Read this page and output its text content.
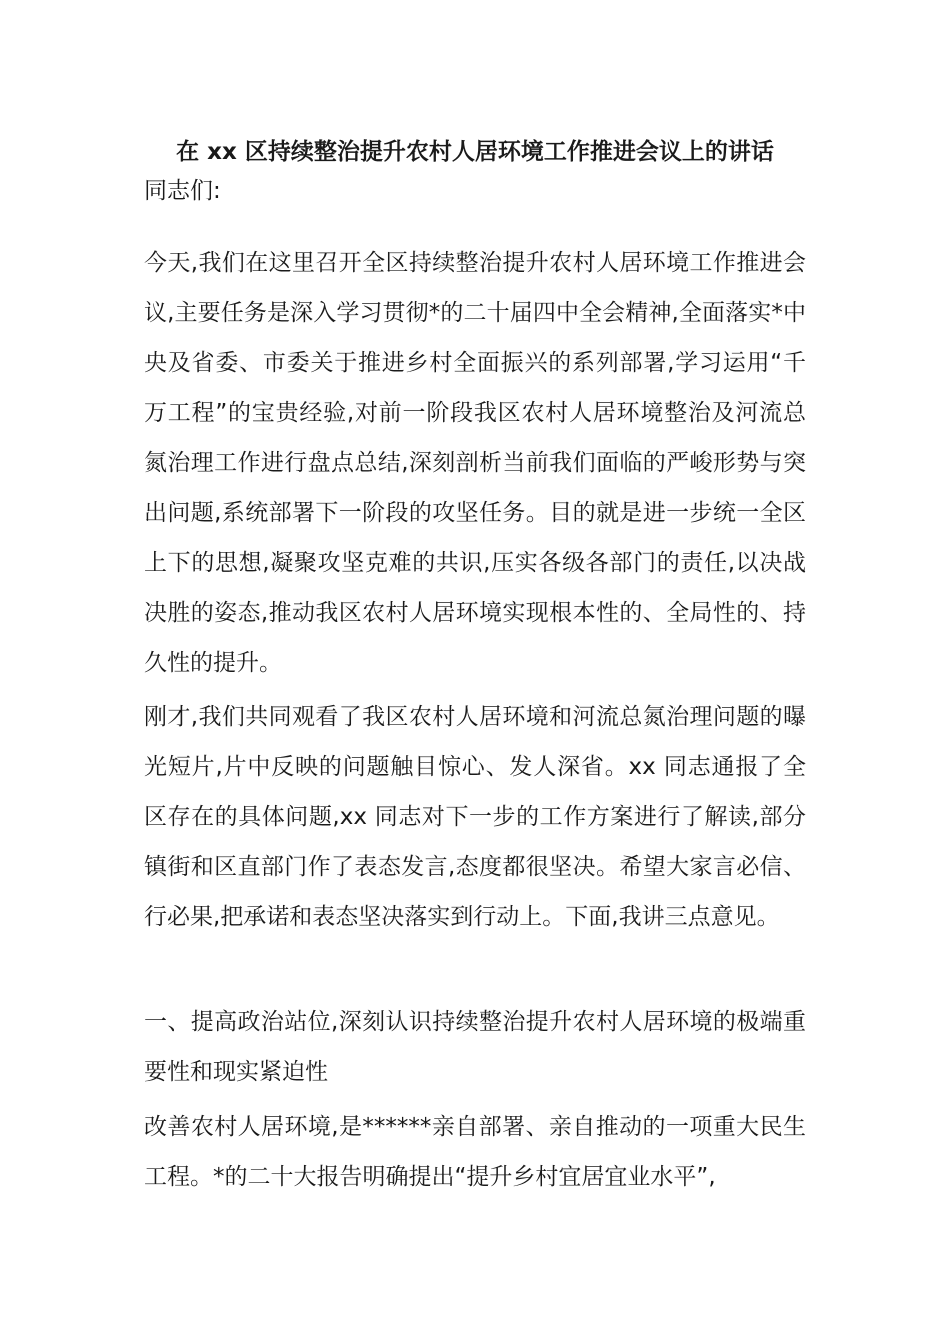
在 xx 区持续整治提升农村人居环境工作推进会议上的讲话

同志们:

今天,我们在这里召开全区持续整治提升农村人居环境工作推进会议,主要任务是深入学习贯彻*的二十届四中全会精神,全面落实*中央及省委、市委关于推进乡村全面振兴的系列部署,学习运用“千万工程”的宝贵经验,对前一阶段我区农村人居环境整治及河流总氮治理工作进行盘点总结,深刻剖析当前我们面临的严峻形势与突出问题,系统部署下一阶段的攻坚任务。目的就是进一步统一全区上下的思想,凝聚攻坚克难的共识,压实各级各部门的责任,以决战决胜的姿态,推动我区农村人居环境实现根本性的、全局性的、持久性的提升。

刚才,我们共同观看了我区农村人居环境和河流总氮治理问题的曝光短片,片中反映的问题触目惊心、发人深省。xx 同志通报了全区存在的具体问题,xx 同志对下一步的工作方案进行了解读,部分镇街和区直部门作了表态发言,态度都很坚决。希望大家言必信、行必果,把承诺和表态坚决落实到行动上。下面,我讲三点意见。

一、提高政治站位,深刻认识持续整治提升农村人居环境的极端重要性和现实紧迫性

改善农村人居环境,是******亲自部署、亲自推动的一项重大民生工程。*的二十大报告明确提出“提升乡村宜居宜业水平”,
